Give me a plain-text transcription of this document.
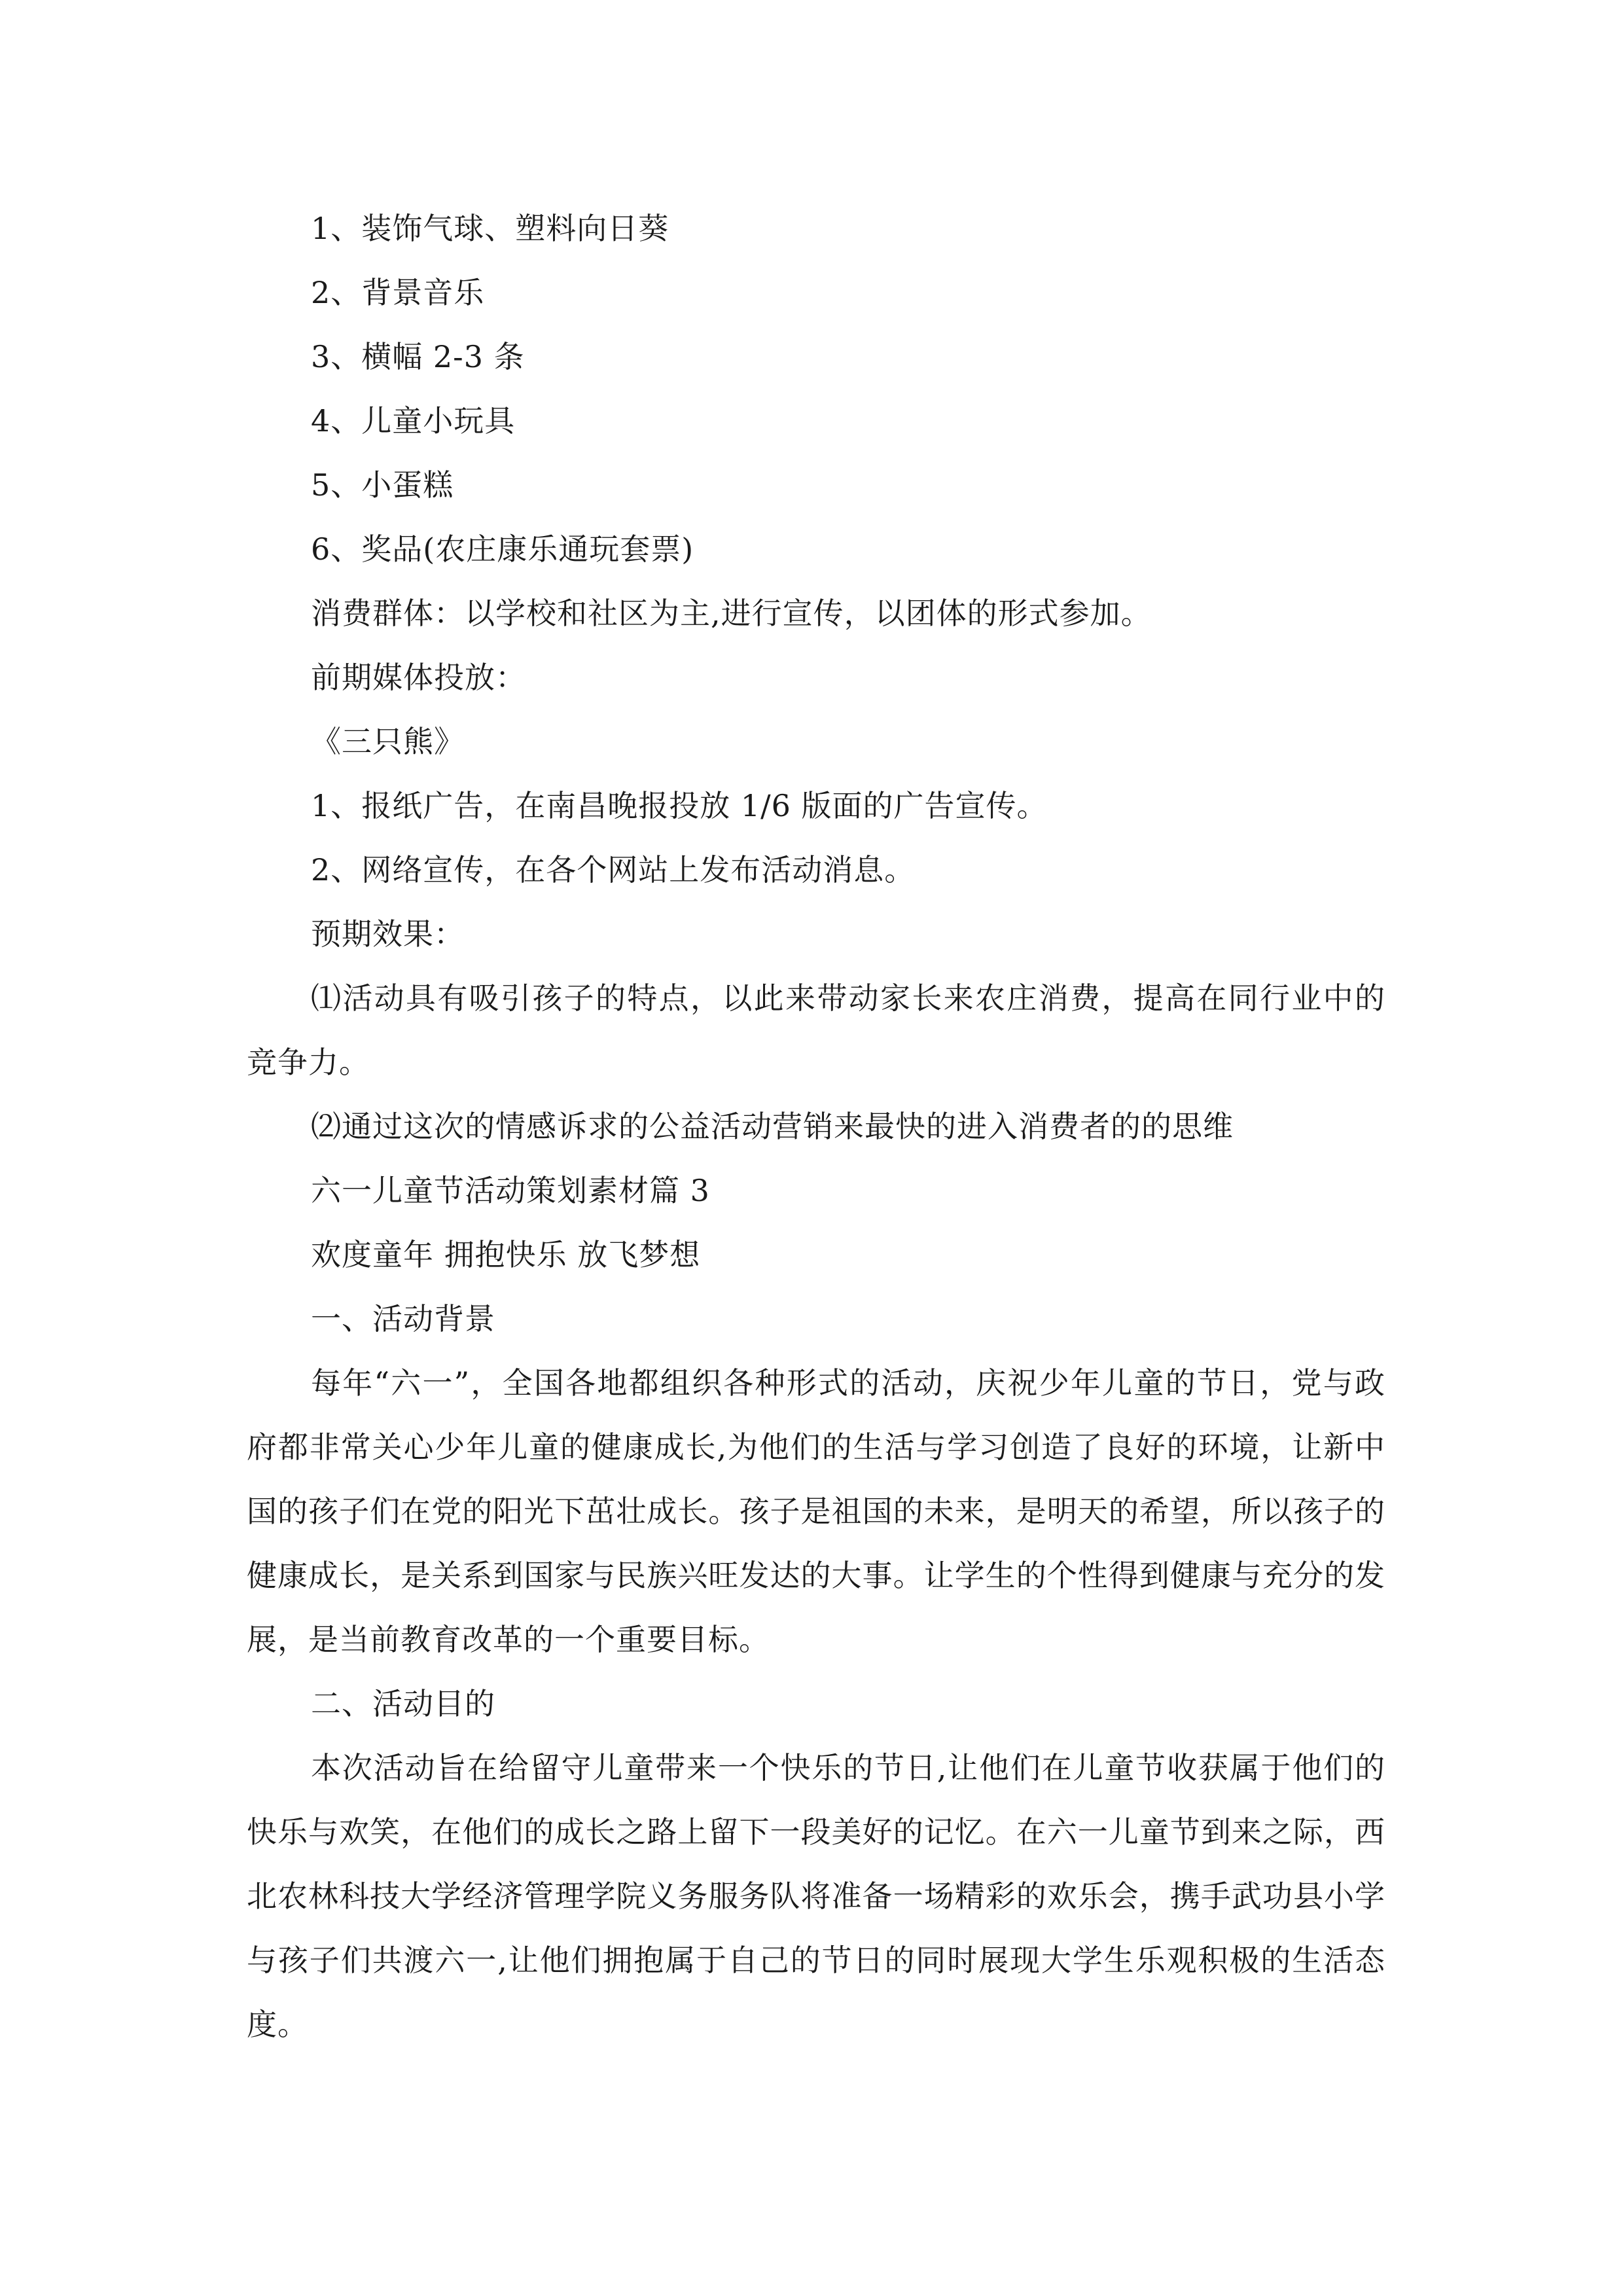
1、装饰气球、塑料向日葵
2、背景音乐
3、横幅 2-3 条
4、儿童小玩具
5、小蛋糕
6、奖品(农庄康乐通玩套票)
消费群体：以学校和社区为主,进行宣传，以团体的形式参加。
前期媒体投放：
《三只熊》
1、报纸广告，在南昌晚报投放 1/6 版面的广告宣传。
2、网络宣传，在各个网站上发布活动消息。
预期效果：
⑴活动具有吸引孩子的特点，以此来带动家长来农庄消费，提高在同行业中的竞争力。
⑵通过这次的情感诉求的公益活动营销来最快的进入消费者的的思维
六一儿童节活动策划素材篇 3
欢度童年 拥抱快乐 放飞梦想
一、活动背景
每年“六一”，全国各地都组织各种形式的活动，庆祝少年儿童的节日，党与政府都非常关心少年儿童的健康成长,为他们的生活与学习创造了良好的环境，让新中国的孩子们在党的阳光下茁壮成长。孩子是祖国的未来，是明天的希望，所以孩子的健康成长，是关系到国家与民族兴旺发达的大事。让学生的个性得到健康与充分的发展，是当前教育改革的一个重要目标。
二、活动目的
本次活动旨在给留守儿童带来一个快乐的节日,让他们在儿童节收获属于他们的快乐与欢笑，在他们的成长之路上留下一段美好的记忆。在六一儿童节到来之际，西北农林科技大学经济管理学院义务服务队将准备一场精彩的欢乐会，携手武功县小学与孩子们共渡六一,让他们拥抱属于自己的节日的同时展现大学生乐观积极的生活态度。
